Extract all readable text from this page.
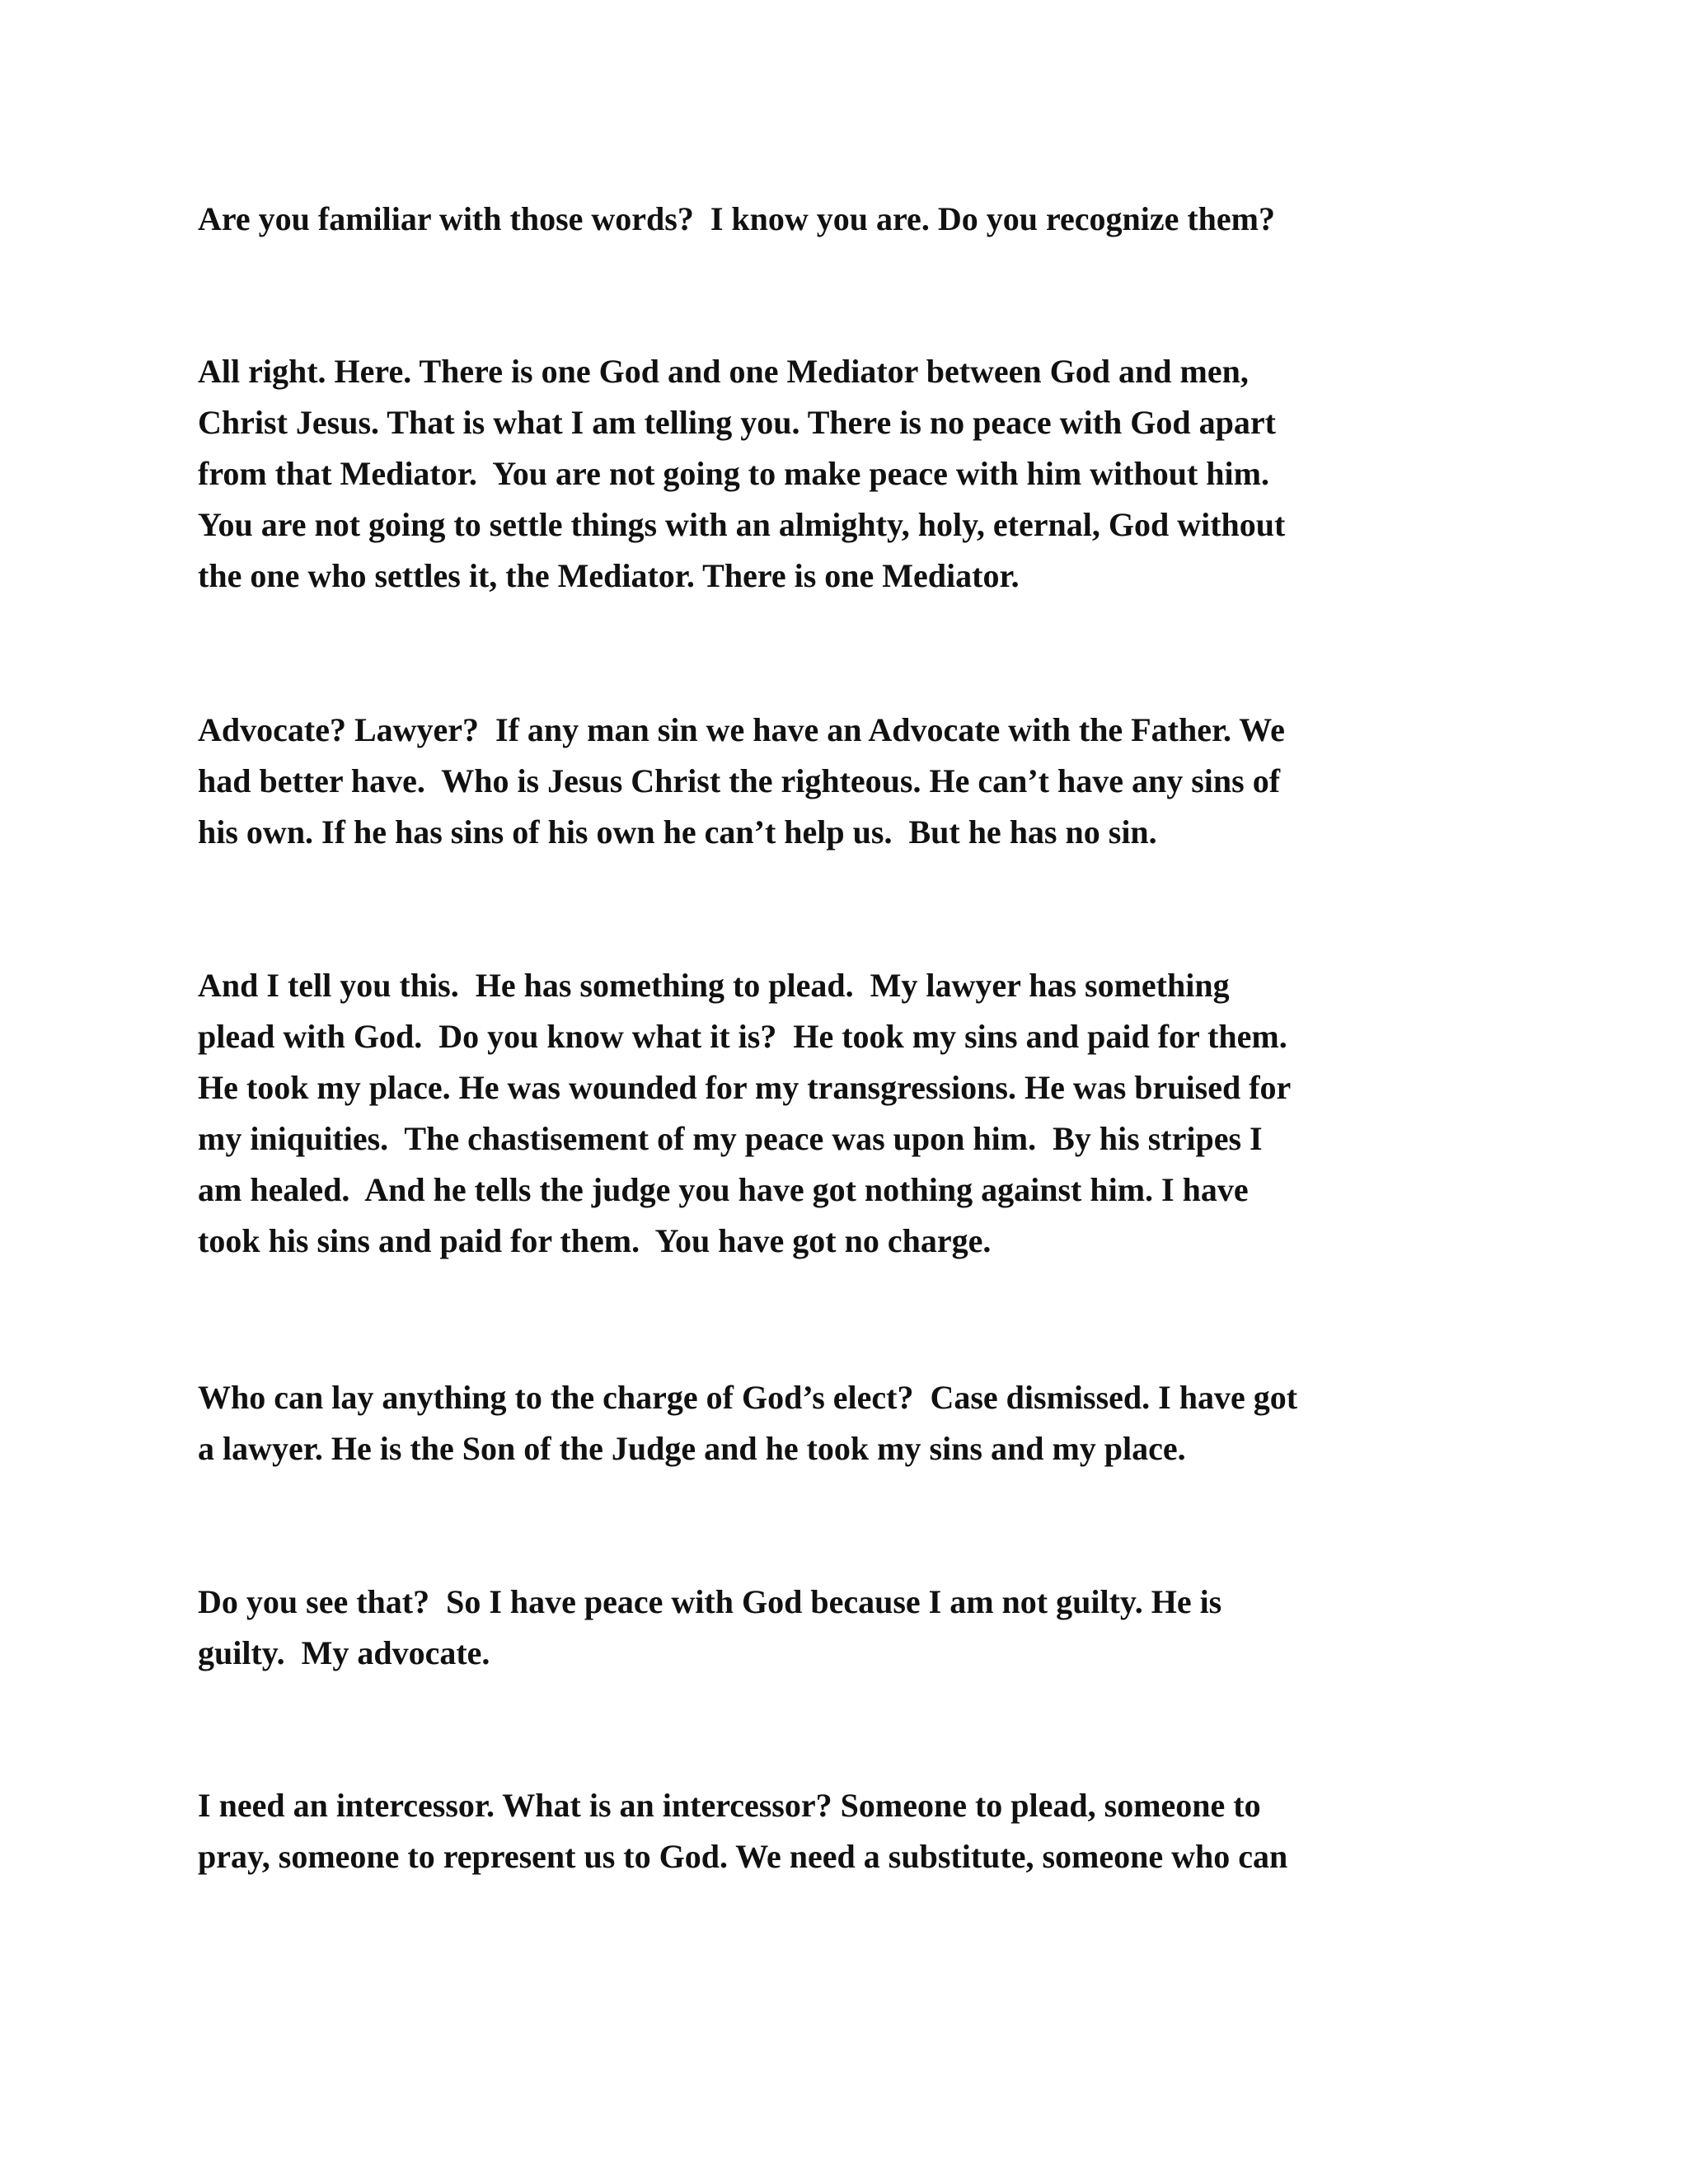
Are you familiar with those words?  I know you are. Do you recognize them?

All right. Here. There is one God and one Mediator between God and men,
Christ Jesus. That is what I am telling you. There is no peace with God apart
from that Mediator.  You are not going to make peace with him without him.
You are not going to settle things with an almighty, holy, eternal, God without
the one who settles it, the Mediator. There is one Mediator.

Advocate? Lawyer?  If any man sin we have an Advocate with the Father. We
had better have.  Who is Jesus Christ the righteous. He can’t have any sins of
his own. If he has sins of his own he can’t help us.  But he has no sin.

And I tell you this.  He has something to plead.  My lawyer has something
plead with God.  Do you know what it is?  He took my sins and paid for them.
He took my place. He was wounded for my transgressions. He was bruised for
my iniquities.  The chastisement of my peace was upon him.  By his stripes I
am healed.  And he tells the judge you have got nothing against him. I have
took his sins and paid for them.  You have got no charge.

Who can lay anything to the charge of God’s elect?  Case dismissed. I have got
a lawyer. He is the Son of the Judge and he took my sins and my place.

Do you see that?  So I have peace with God because I am not guilty. He is
guilty.  My advocate.

I need an intercessor. What is an intercessor? Someone to plead, someone to
pray, someone to represent us to God. We need a substitute, someone who can
